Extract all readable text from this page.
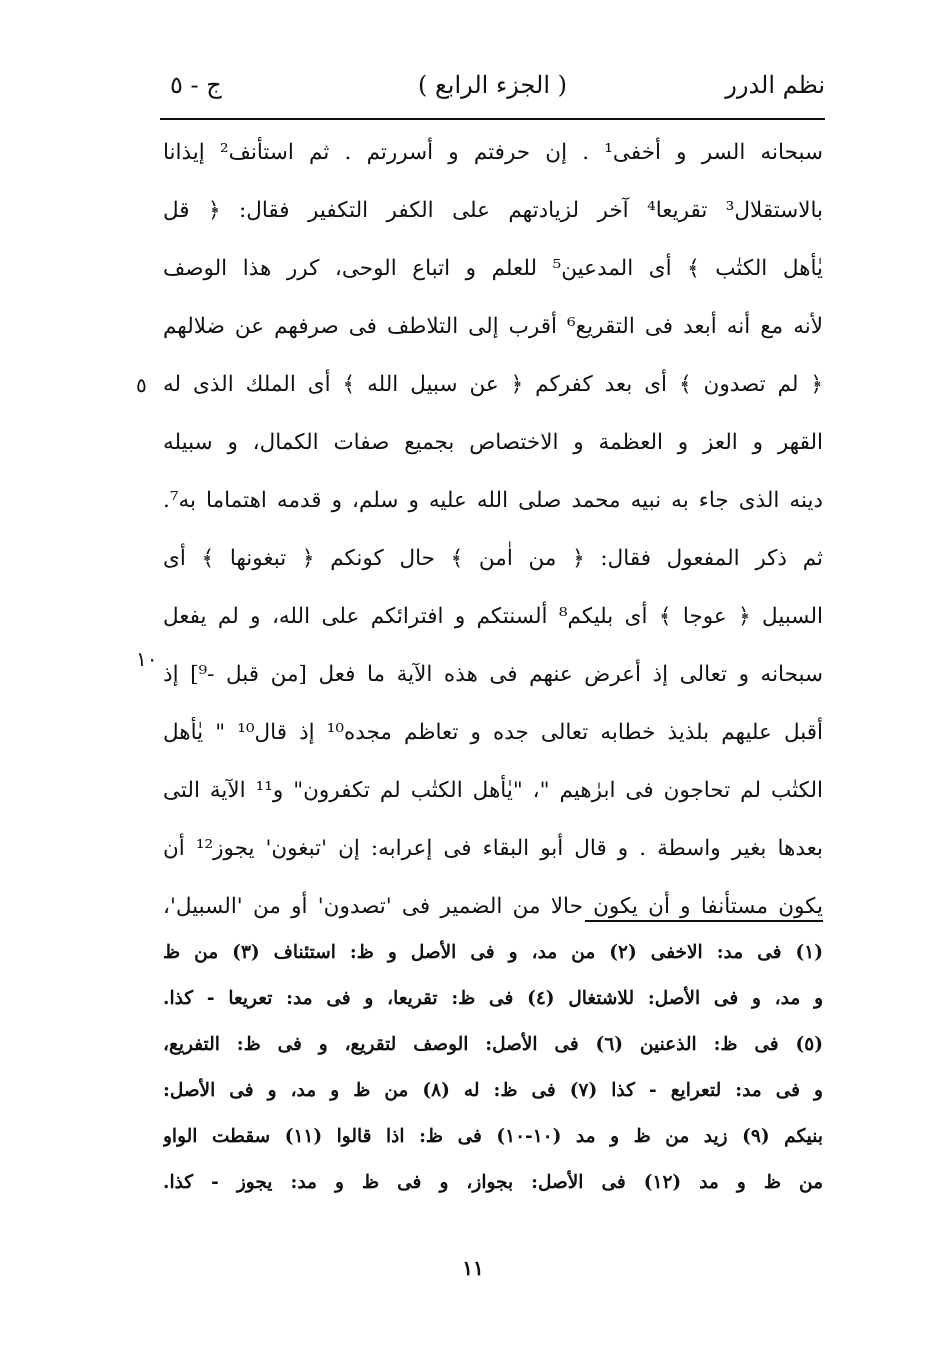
نظم الدرر
( الجزء الرابع )
ج - ٥
سبحانه السر و أخفى¹ . إن حرفتم و أسررتم . ثم استأنف² إيذانا
بالاستقلال³ تقريعا⁴ آخر لزيادتهم على الكفر التكفير فقال: ﴿ قل
يٰأهل الكتٰب ﴾ أى المدعين⁵ للعلم و اتباع الوحى، كرر هذا الوصف
لأنه مع أنه أبعد فى التقريع⁶ أقرب إلى التلاطف فى صرفهم عن ضلالهم
﴿ لم تصدون ﴾ أى بعد كفركم ﴿ عن سبيل الله ﴾ أى الملك الذى له
القهر و العز و العظمة و الاختصاص بجميع صفات الكمال، و سبيله
دينه الذى جاء به نبيه محمد صلى الله عليه و سلم، و قدمه اهتماما به⁷.
ثم ذكر المفعول فقال: ﴿ من اٰمن ﴾ حال كونكم ﴿ تبغونها ﴾ أى
السبيل ﴿ عوجا ﴾ أى بليكم⁸ ألسنتكم و افترائكم على الله، و لم يفعل
سبحانه و تعالى إذ أعرض عنهم فى هذه الآية ما فعل [من قبل -⁹] إذ
أقبل عليهم بلذيذ خطابه تعالى جده و تعاظم مجده¹⁰ إذ قال¹⁰ " يٰأهل
الكتٰب لم تحاجون فى ابرٰهيم "، "يٰأهل الكتٰب لم تكفرون" و¹¹ الآية التى
بعدها بغير واسطة . و قال أبو البقاء فى إعرابه: إن 'تبغون' يجوز¹² أن
يكون مستأنفا و أن يكون حالا من الضمير فى 'تصدون' أو من 'السبيل'،
٥
١٠
(١) فى مد: الاخفى (٢) من مد، و فى الأصل و ظ: استئناف (٣) من ظ
و مد، و فى الأصل: للاشتغال (٤) فى ظ: تقريعا، و فى مد: تعريعا - كذا.
(٥) فى ظ: الذعنين (٦) فى الأصل: الوصف لتقريع، و فى ظ: التفريع،
و فى مد: لتعرايع - كذا (٧) فى ظ: له (٨) من ظ و مد، و فى الأصل:
بنيكم (٩) زيد من ظ و مد (١٠-١٠) فى ظ: اذا قالوا (١١) سقطت الواو
من ظ و مد (١٢) فى الأصل: بجواز، و فى ظ و مد: يجوز - كذا.
١١
